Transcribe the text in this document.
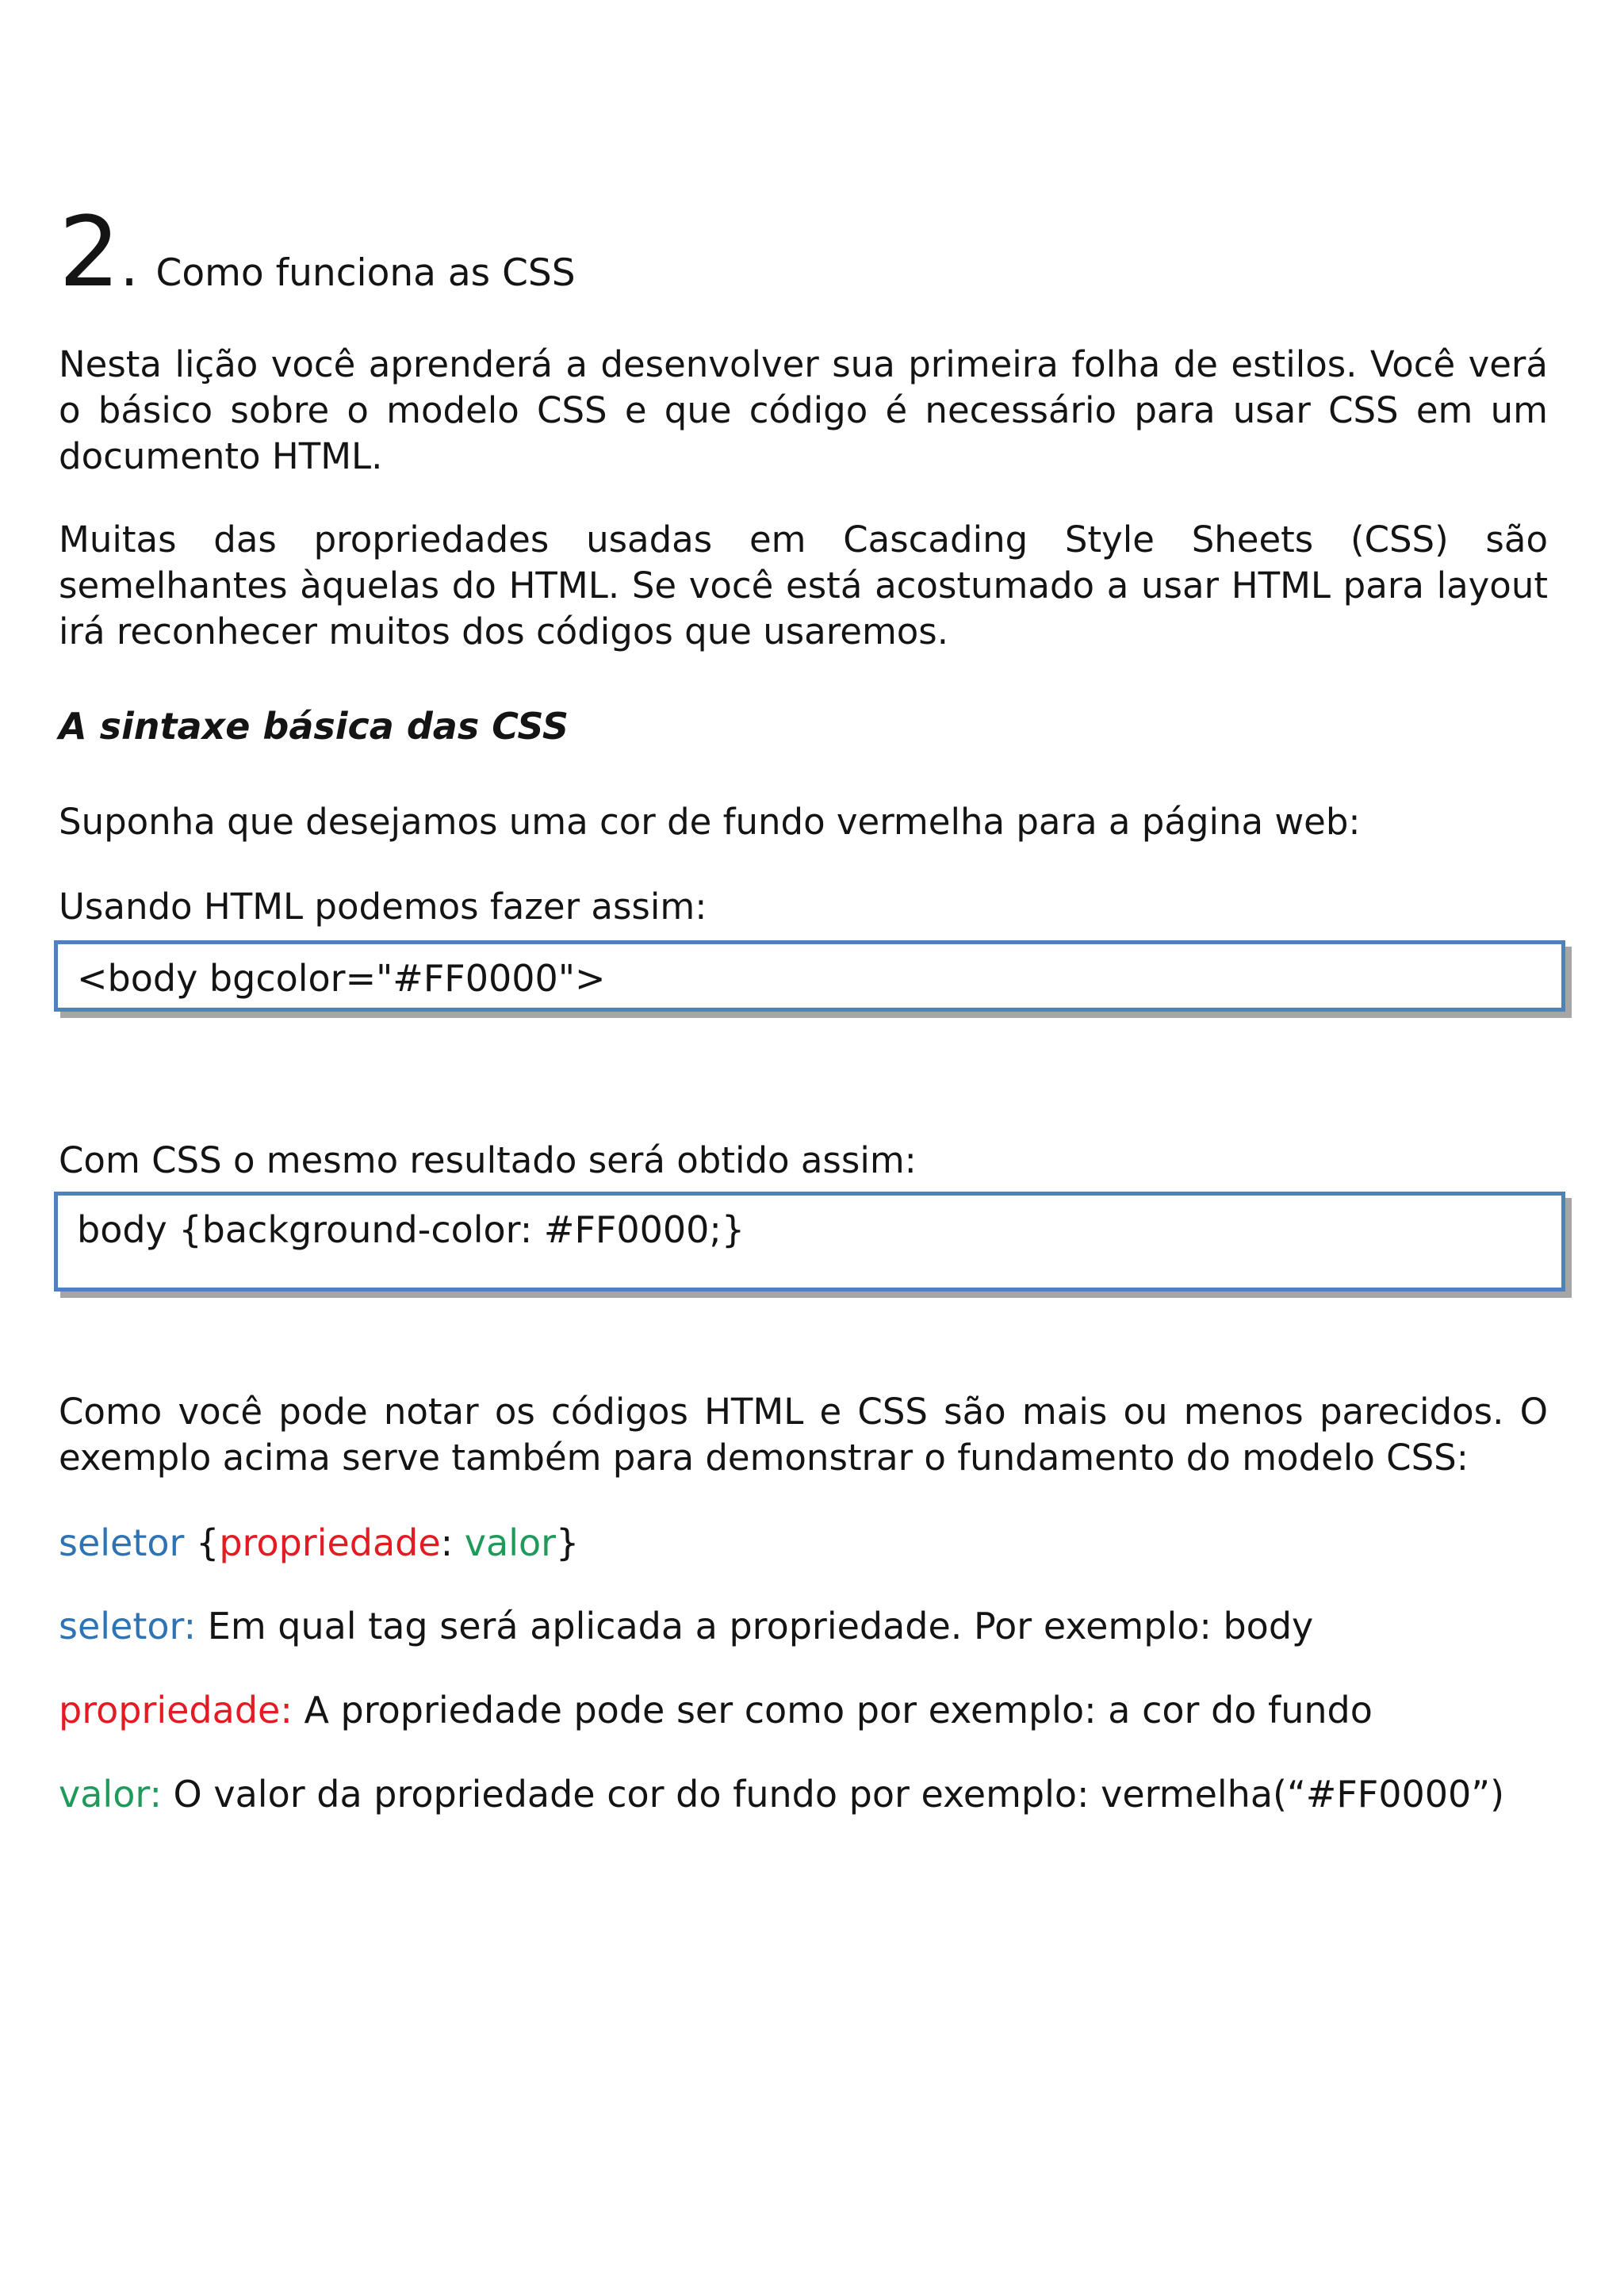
2. Como funciona as CSS

Nesta lição você aprenderá a desenvolver sua primeira folha de estilos. Você verá o básico sobre o modelo CSS e que código é necessário para usar CSS em um documento HTML.

Muitas das propriedades usadas em Cascading Style Sheets (CSS) são semelhantes àquelas do HTML. Se você está acostumado a usar HTML para layout irá reconhecer muitos dos códigos que usaremos.

A sintaxe básica das CSS

Suponha que desejamos uma cor de fundo vermelha para a página web:

Usando HTML podemos fazer assim:

<body bgcolor="#FF0000">

Com CSS o mesmo resultado será obtido assim:

body {background-color: #FF0000;}

Como você pode notar os códigos HTML e CSS são mais ou menos parecidos. O exemplo acima serve também para demonstrar o fundamento do modelo CSS:

seletor {propriedade: valor}

seletor: Em qual tag será aplicada a propriedade. Por exemplo: body

propriedade: A propriedade pode ser como por exemplo: a cor do fundo

valor: O valor da propriedade cor do fundo por exemplo: vermelha(“#FF0000”)
